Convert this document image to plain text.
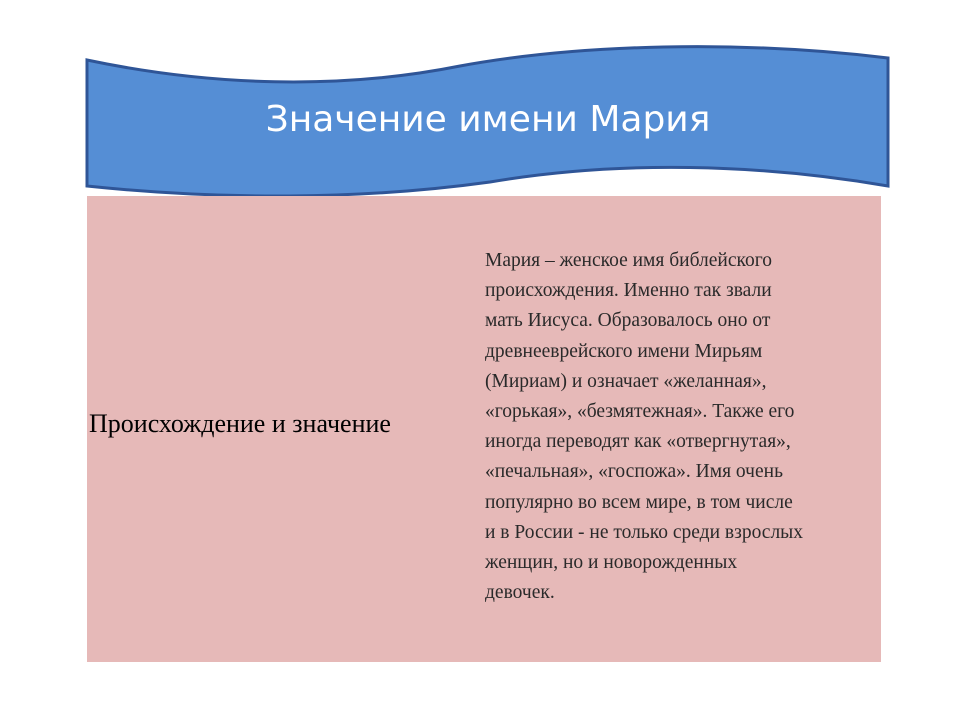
Значение имени Мария
Происхождение и значение
Мария – женское имя библейского
происхождения. Именно так звали
мать Иисуса. Образовалось оно от
древнееврейского имени Мирьям
(Мириам) и означает «желанная»,
«горькая», «безмятежная». Также его
иногда переводят как «отвергнутая»,
«печальная», «госпожа». Имя очень
популярно во всем мире, в том числе
и в России - не только среди взрослых
женщин, но и новорожденных
девочек.
